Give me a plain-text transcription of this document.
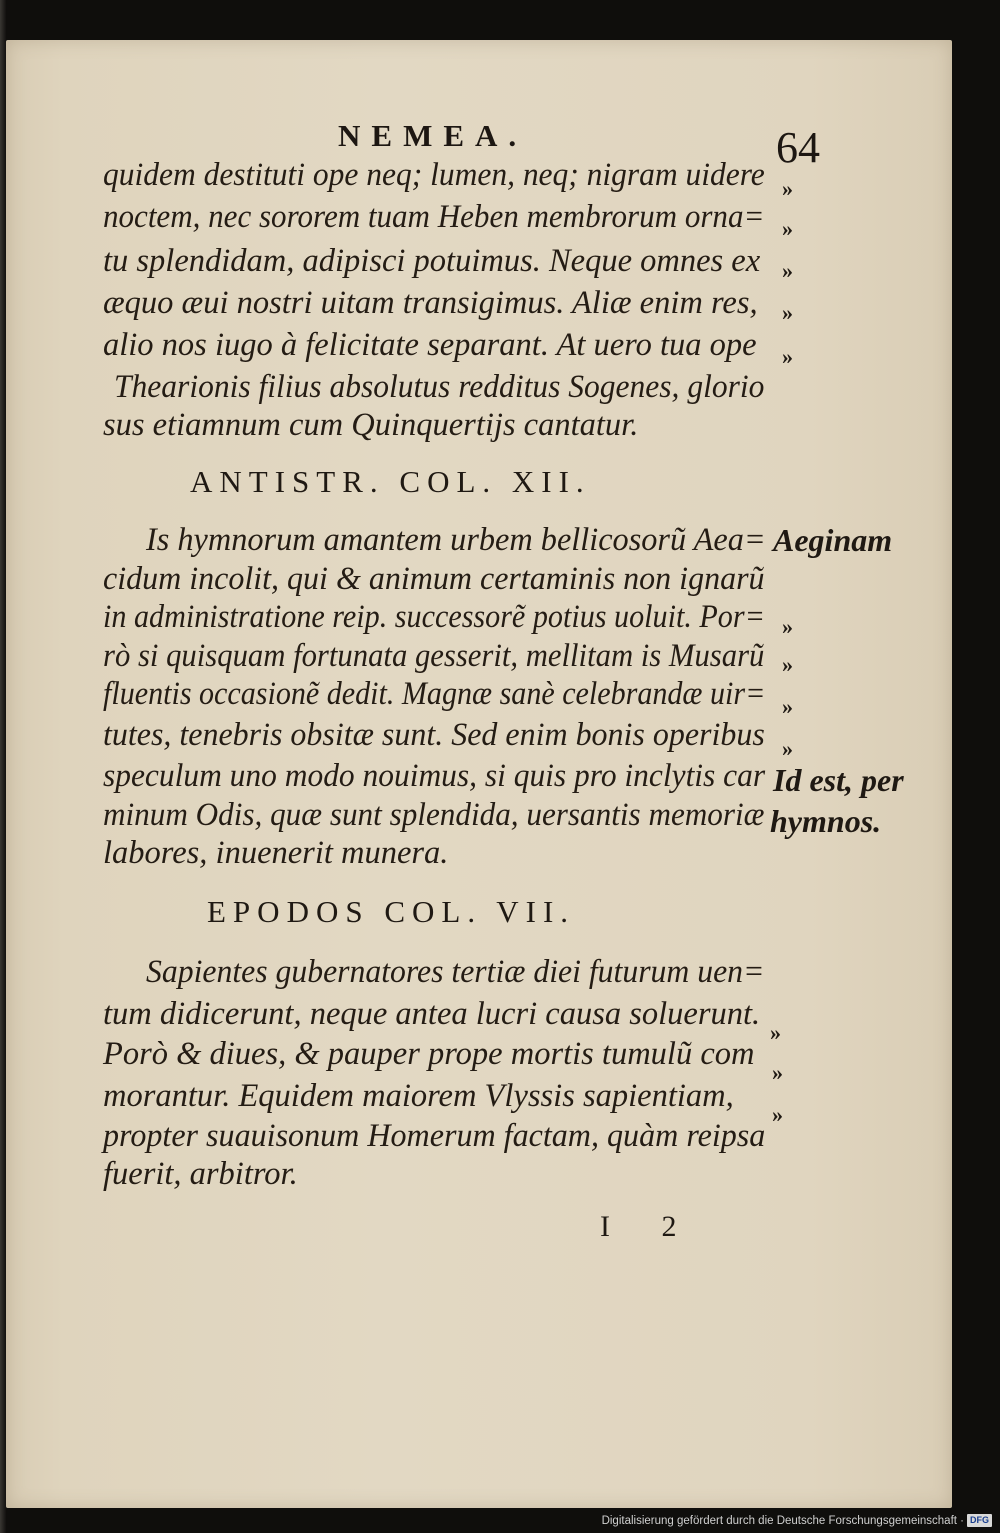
NEMEA.	64
quidem destituti ope neq; lumen, neq; nigram uidere
noctem, nec sororem tuam Heben membrorum orna=
tu splendidam, adipisci potuimus. Neque omnes ex
æquo æui nostri uitam transigimus. Aliæ enim res,
alio nos iugo à felicitate separant. At uero tua ope
Thearionis filius absolutus redditus Sogenes, glorio
sus etiamnum cum Quinquertijs cantatur.
»
»
»
»
»
ANTISTR. COL. XII.
Is hymnorum amantem urbem bellicosorũ Aea=
cidum incolit, qui & animum certaminis non ignarũ
in administratione reip. successorẽ potius uoluit. Por=
rò si quisquam fortunata gesserit, mellitam is Musarũ
fluentis occasionẽ dedit. Magnæ sanè celebrandæ uir=
tutes, tenebris obsitæ sunt. Sed enim bonis operibus
speculum uno modo nouimus, si quis pro inclytis car
minum Odis, quæ sunt splendida, uersantis memoriæ
labores, inuenerit munera.
Aeginam
Id est, per
hymnos.
»
»
»
»
EPODOS COL. VII.
Sapientes gubernatores tertiæ diei futurum uen=
tum didicerunt, neque antea lucri causa soluerunt.
Porò & diues, & pauper prope mortis tumulũ com
morantur. Equidem maiorem Vlyssis sapientiam,
propter suauisonum Homerum factam, quàm reipsa
fuerit, arbitror.
»
»
»
I 2
Digitalisierung gefördert durch die Deutsche Forschungsgemeinschaft · DFG
